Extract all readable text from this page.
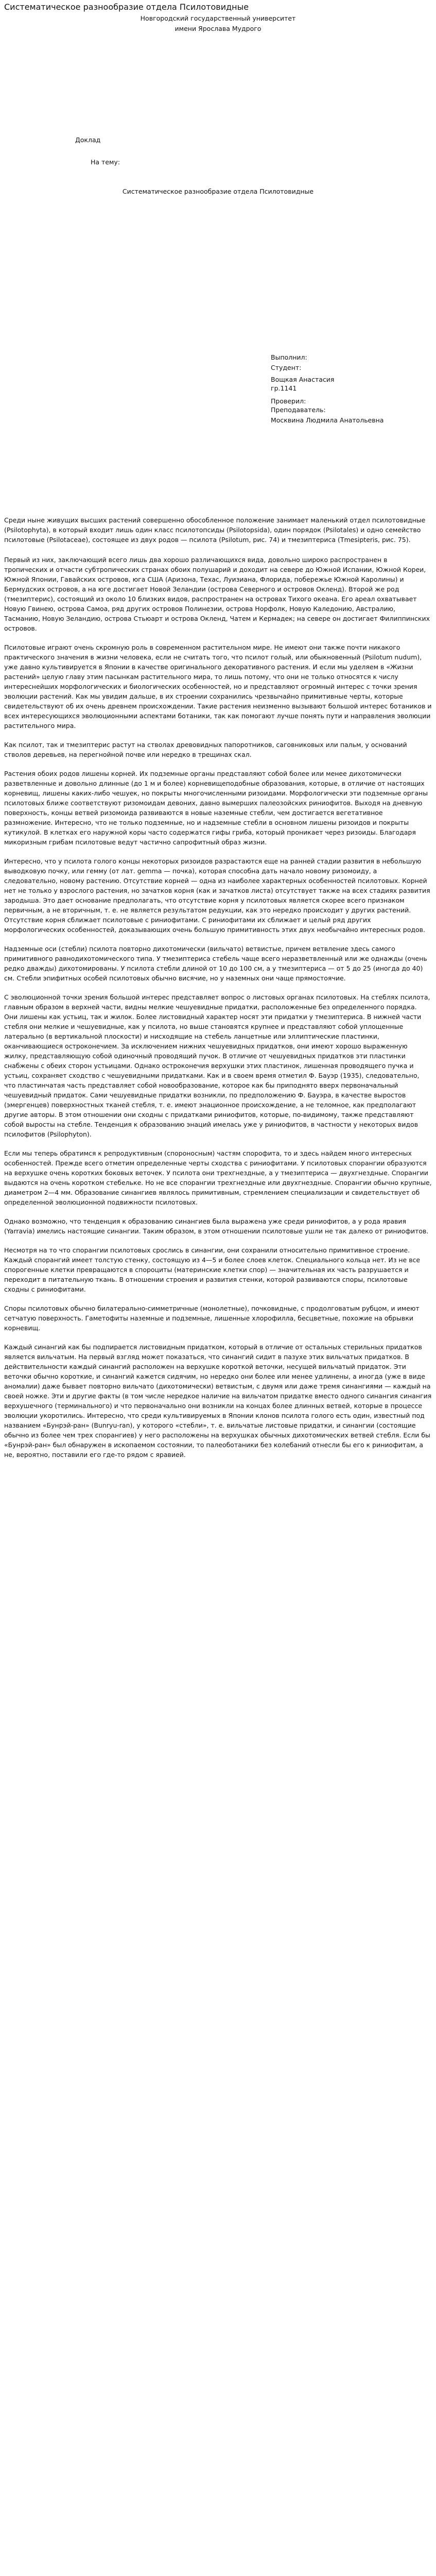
Систематическое разнообразие отдела Псилотовидные
Новгородский государственный университет
имени Ярослава Мудрого
Доклад
На тему:
Систематическое разнообразие отдела Псилотовидные
Выполнил:
Студент:
Вощкая Анастасия
гр.1141
Проверил:
Преподаватель:
Москвина Людмила Анатольевна

Среди ныне живущих высших растений совершенно обособленное положение занимает маленький отдел псилотовидные (Psilotophyta), в который входит лишь один класс псилотопсиды (Psilotopsida), один порядок (Psilotales) и одно семейство псилотовые (Psilotaceae), состоящее из двух родов — псилота (Psilotum, рис. 74) и тмезиптериса (Tmesipteris, рис. 75).

Первый из них, заключающий всего лишь два хорошо различающихся вида, довольно широко распространен в тропических и отчасти субтропических странах обоих полушарий и доходит на севере до Южной Испании, Южной Кореи, Южной Японии, Гавайских островов, юга США (Аризона, Техас, Луизиана, Флорида, побережье Южной Каролины) и Бермудских островов, а на юге достигает Новой Зеландии (острова Северного и островов Окленд). Второй же род (тмезиптерис), состоящий из около 10 близких видов, распространен на островах Тихого океана. Его ареал охватывает Новую Гвинею, острова Самоа, ряд других островов Полинезии, острова Норфолк, Новую Каледонию, Австралию, Тасманию, Новую Зеландию, острова Стьюарт и острова Окленд, Чатем и Кермадек; на севере он достигает Филиппинских островов.

Псилотовые играют очень скромную роль в современном растительном мире. Не имеют они также почти никакого практического значения в жизни человека, если не считать того, что псилот голый, или обыкновенный (Psilotum nudum), уже давно культивируется в Японии в качестве оригинального декоративного растения. И если мы уделяем в «Жизни растений» целую главу этим пасынкам растительного мира, то лишь потому, что они не только относятся к числу интереснейших морфологических и биологических особенностей, но и представляют огромный интерес с точки зрения эволюции растений. Как мы увидим дальше, в их строении сохранились чрезвычайно примитивные черты, которые свидетельствуют об их очень древнем происхождении. Такие растения неизменно вызывают большой интерес ботаников и всех интересующихся эволюционными аспектами ботаники, так как помогают лучше понять пути и направления эволюции растительного мира.

Как псилот, так и тмезиптерис растут на стволах древовидных папоротников, саговниковых или пальм, у оснований стволов деревьев, на перегнойной почве или нередко в трещинах скал.

Растения обоих родов лишены корней. Их подземные органы представляют собой более или менее дихотомически разветвленные и довольно длинные (до 1 м и более) корневищеподобные образования, которые, в отличие от настоящих корневищ, лишены каких-либо чешуек, но покрыты многочисленными ризоидами. Морфологически эти подземные органы псилотовых ближе соответствуют ризомоидам девоних, давно вымерших палеозойских риниофитов. Выходя на дневную поверхность, концы ветвей ризомоида развиваются в новые наземные стебли, чем достигается вегетативное размножение. Интересно, что не только подземные, но и надземные стебли в основном лишены ризоидов и покрыты кутикулой. В клетках его наружной коры часто содержатся гифы гриба, который проникает через ризоиды. Благодаря микоризным грибам псилотовые ведут частично сапрофитный образ жизни.

Интересно, что у псилота голого концы некоторых ризоидов разрастаются еще на ранней стадии развития в небольшую выводковую почку, или гемму (от лат. gemma — почка), которая способна дать начало новому ризомоиду, а следовательно, новому растению. Отсутствие корней — одна из наиболее характерных особенностей псилотовых. Корней нет не только у взрослого растения, но зачатков корня (как и зачатков листа) отсутствует также на всех стадиях развития зародыша. Это дает основание предполагать, что отсутствие корня у псилотовых является скорее всего признаком первичным, а не вторичным, т. е. не является результатом редукции, как это нередко происходит у других растений. Отсутствие корня сближает псилотовые с риниофитами. С риниофитами их сближает и целый ряд других морфологических особенностей, доказывающих очень большую примитивность этих двух необычайно интересных родов.

Надземные оси (стебли) псилота повторно дихотомически (вильчато) ветвистые, причем ветвление здесь самого примитивного равнодихотомического типа. У тмезиптериса стебель чаще всего неразветвленный или же однажды (очень редко дважды) дихотомированы. У псилота стебли длиной от 10 до 100 см, а у тмезиптериса — от 5 до 25 (иногда до 40) см. Стебли эпифитных особей псилотовых обычно висячие, но у наземных они чаще прямостоячие.

С эволюционной точки зрения большой интерес представляет вопрос о листовых органах псилотовых. На стеблях псилота, главным образом в верхней части, видны мелкие чешуевидные придатки, расположенные без определенного порядка. Они лишены как устьиц, так и жилок. Более листовидный характер носят эти придатки у тмезиптериса. В нижней части стебля они мелкие и чешуевидные, как у псилота, но выше становятся крупнее и представляют собой уплощенные латерально (в вертикальной плоскости) и нисходящие на стебель ланцетные или эллиптические пластинки, оканчивающиеся остроконечием. За исключением нижних чешуевидных придатков, они имеют хорошо выраженную жилку, представляющую собой одиночный проводящий пучок. В отличие от чешуевидных придатков эти пластинки снабжены с обеих сторон устьицами. Однако остроконечия верхушки этих пластинок, лишенная проводящего пучка и устьиц, сохраняет сходство с чешуевидными придатками. Как и в своем время отметил Ф. Бауэр (1935), следовательно, что пластинчатая часть представляет собой новообразование, которое как бы приподнято вверх первоначальный чешуевидный придаток. Сами чешуевидные придатки возникли, по предположению Ф. Бауэра, в качестве выростов (эмергенцев) поверхностных тканей стебля, т. е. имеют энационное происхождение, а не теломное, как предполагают другие авторы. В этом отношении они сходны с придатками риниофитов, которые, по-видимому, также представляют собой выросты на стебле. Тенденция к образованию энаций имелась уже у риниофитов, в частности у некоторых видов псилофитов (Psilophyton).

Если мы теперь обратимся к репродуктивным (спороносным) частям спорофита, то и здесь найдем много интересных особенностей. Прежде всего отметим определенные черты сходства с риниофитами. У псилотовых спорангии образуются на верхушке очень коротких боковых веточек. У псилота они трехгнездные, а у тмезиптериса — двухгнездные. Спорангии выдаются на очень коротком стебельке. Но не все спорангии трехгнездные или двухгнездные. Спорангии обычно крупные, диаметром 2—4 мм. Образование синангиев являлось примитивным, стремлением специализации и свидетельствует об определенной эволюционной подвижности псилотовых.

Однако возможно, что тенденция к образованию синангиев была выражена уже среди риниофитов, а у рода яравия (Yarravia) имелись настоящие синангии. Таким образом, в этом отношении псилотовые ушли не так далеко от риниофитов.

Несмотря на то что спорангии псилотовых срослись в синангии, они сохранили относительно примитивное строение. Каждый спорангий имеет толстую стенку, состоящую из 4—5 и более слоев клеток. Специального кольца нет. Из не все спорогенные клетки превращаются в спороциты (материнские клетки спор) — значительная их часть разрушается и переходит в питательную ткань. В отношении строения и развития стенки, которой развиваются споры, псилотовые сходны с риниофитами.

Споры псилотовых обычно билатерально-симметричные (монолетные), почковидные, с продолговатым рубцом, и имеют сетчатую поверхность. Гаметофиты наземные и подземные, лишенные хлорофилла, бесцветные, похожие на обрывки корневищ.

Каждый синангий как бы подпирается листовидным придатком, который в отличие от остальных стерильных придатков является вильчатым. На первый взгляд может показаться, что синангий сидит в пазухе этих вильчатых придатков. В действительности каждый синангий расположен на верхушке короткой веточки, несущей вильчатый придаток. Эти веточки обычно короткие, и синангий кажется сидячим, но нередко они более или менее удлинены, а иногда (уже в виде аномалии) даже бывает повторно вильчато (дихотомически) ветвистым, с двумя или даже тремя синангиями — каждый на своей ножке. Эти и другие факты (в том числе нередкое наличие на вильчатом придатке вместо одного синангия синангия верхушечного (терминального) и что первоначально они возникли на концах более длинных ветвей, которые в процессе эволюции укоротились. Интересно, что среди культивируемых в Японии клонов псилота голого есть один, известный под названием «Бунрэй-ран» (Bunryu-ran), у которого «стебли», т. е. вильчатые листовые придатки, и синангии (состоящие обычно из более чем трех спорангиев) у него расположены на верхушках обычных дихотомических ветвей стебля. Если бы «Бунрэй-ран» был обнаружен в ископаемом состоянии, то палеоботаники без колебаний отнесли бы его к риниофитам, а не, вероятно, поставили его где-то рядом с яравией.
